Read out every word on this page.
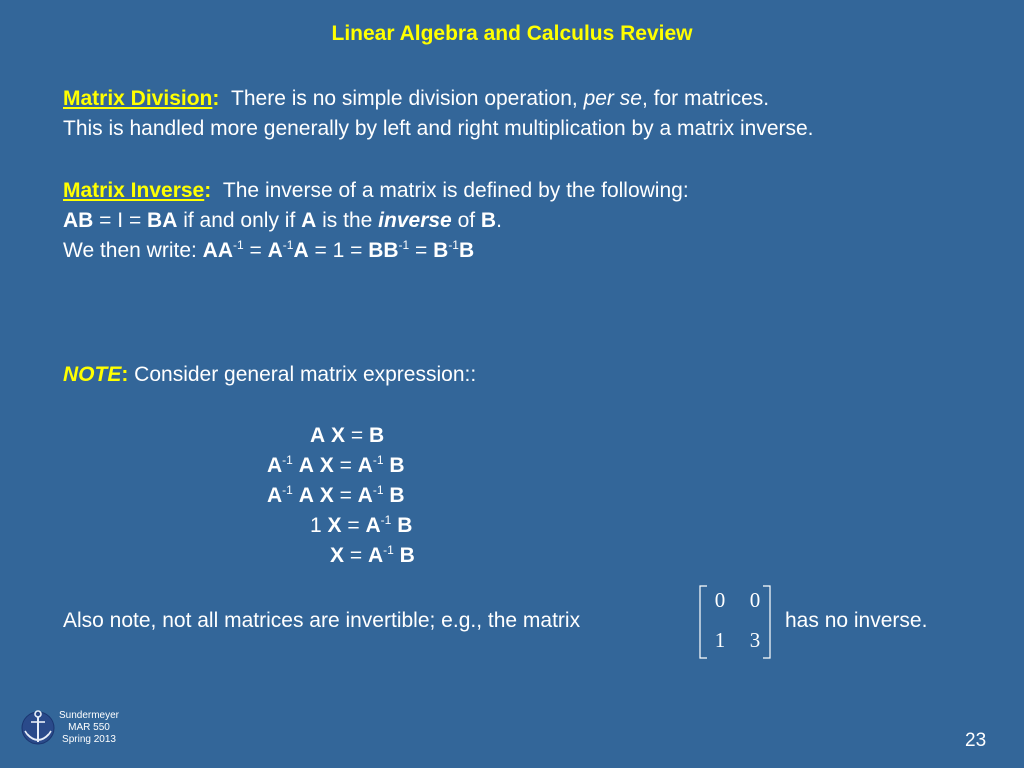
Linear Algebra and Calculus Review
Matrix Division: There is no simple division operation, per se, for matrices.
This is handled more generally by left and right multiplication by a matrix inverse.
Matrix Inverse: The inverse of a matrix is defined by the following:
AB = I = BA if and only if A is the inverse of B.
We then write: $AA^{-1} = A^{-1}A = 1 = BB^{-1} = B^{-1}B$
NOTE: Consider general matrix expression::
A X = B
$A^{-1}$ A $X = A^{-1}$ B
$A^{-1}$ A $X = A^{-1}$ B
1 $X = A^{-1}$ B
$X = A^{-1}$ B
Also note, not all matrices are invertible; e.g., the matrix
0 0
1 3
has no inverse.
Sundermeyer
MAR 550
Spring 2013	23
